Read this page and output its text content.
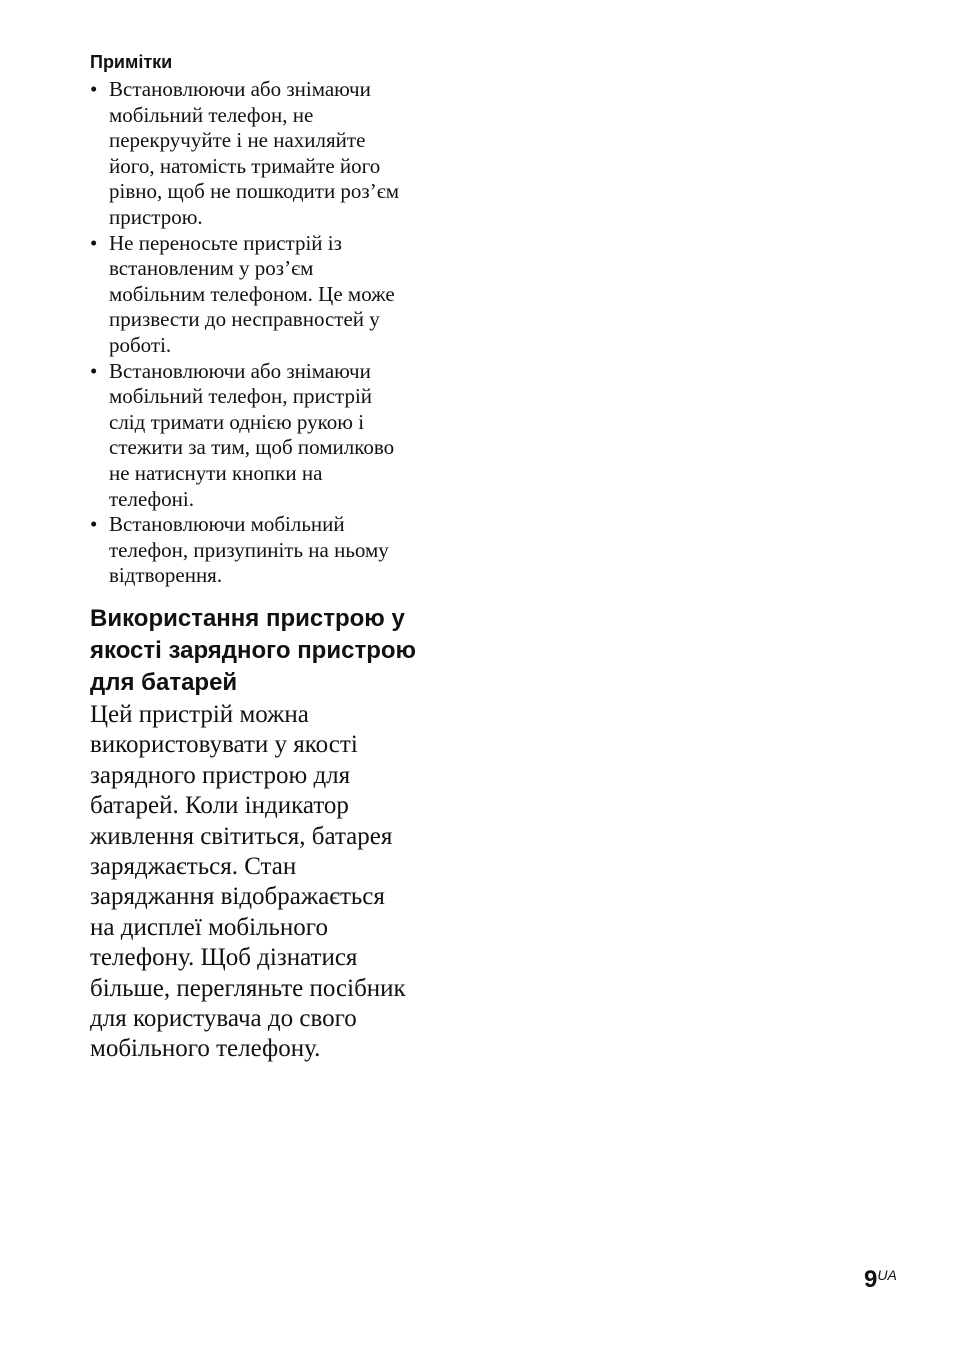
Примітки
• Встановлюючи або знімаючи
мобільний телефон, не
перекручуйте і не нахиляйте
його, натомість тримайте його
рівно, щоб не пошкодити роз’єм
пристрою.
• Не переносьте пристрій із
встановленим у роз’єм
мобільним телефоном. Це може
призвести до несправностей у
роботі.
• Встановлюючи або знімаючи
мобільний телефон, пристрій
слід тримати однією рукою і
стежити за тим, щоб помилково
не натиснути кнопки на
телефоні.
• Встановлюючи мобільний
телефон, призупиніть на ньому
відтворення.
Використання пристрою у
якості зарядного пристрою
для батарей

Цей пристрій можна
використовувати у якості
зарядного пристрою для
батарей. Коли індикатор
живлення світиться, батарея
заряджається. Стан
заряджання відображається
на дисплеї мобільного
телефону. Щоб дізнатися
більше, перегляньте посібник
для користувача до свого
мобільного телефону.

9UA
